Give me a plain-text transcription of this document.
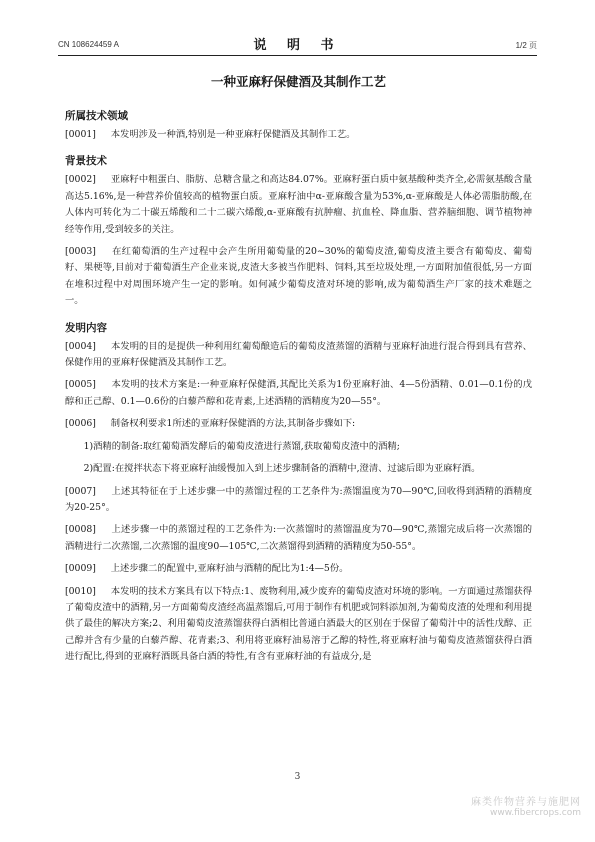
CN 108624459 A	说 明 书	1/2 页
一种亚麻籽保健酒及其制作工艺
所属技术领域

[0001] 本发明涉及一种酒,特别是一种亚麻籽保健酒及其制作工艺。

背景技术

[0002] 亚麻籽中粗蛋白、脂肪、总糖含量之和高达84.07%。亚麻籽蛋白质中氨基酸种类齐全,必需氨基酸含量高达5.16%,是一种营养价值较高的植物蛋白质。亚麻籽油中α-亚麻酸含量为53%,α-亚麻酸是人体必需脂肪酸,在人体内可转化为二十碳五烯酸和二十二碳六烯酸,α-亚麻酸有抗肿瘤、抗血栓、降血脂、营养脑细胞、调节植物神经等作用,受到较多的关注。

[0003] 在红葡萄酒的生产过程中会产生所用葡萄量的20~30%的葡萄皮渣,葡萄皮渣主要含有葡萄皮、葡萄籽、果梗等,目前对于葡萄酒生产企业来说,皮渣大多被当作肥料、饲料,其至垃圾处理,一方面附加值很低,另一方面在堆积过程中对周围环境产生一定的影响。如何减少葡萄皮渣对环境的影响,成为葡萄酒生产厂家的技术难题之一。

发明内容

[0004] 本发明的目的是提供一种利用红葡萄酿造后的葡萄皮渣蒸馏的酒精与亚麻籽油进行混合得到具有营养、保健作用的亚麻籽保健酒及其制作工艺。

[0005] 本发明的技术方案是:一种亚麻籽保健酒,其配比关系为1份亚麻籽油、4—5份酒精、0.01—0.1份的戊醇和正己醇、0.1—0.6份的白藜芦醇和花青素,上述酒精的酒精度为20—55°。

[0006] 制备权利要求1所述的亚麻籽保健酒的方法,其制备步骤如下:

1)酒精的制备:取红葡萄酒发酵后的葡萄皮渣进行蒸馏,获取葡萄皮渣中的酒精;

2)配置:在搅拌状态下将亚麻籽油缓慢加入到上述步骤制备的酒精中,澄清、过滤后即为亚麻籽酒。

[0007] 上述其特征在于上述步骤一中的蒸馏过程的工艺条件为:蒸馏温度为70—90℃,回收得到酒精的酒精度为20-25°。

[0008] 上述步骤一中的蒸馏过程的工艺条件为:一次蒸馏时的蒸馏温度为70—90℃,蒸馏完成后将一次蒸馏的酒精进行二次蒸馏,二次蒸馏的温度90—105℃,二次蒸馏得到酒精的酒精度为50-55°。

[0009] 上述步骤二的配置中,亚麻籽油与酒精的配比为1:4—5份。

[0010] 本发明的技术方案具有以下特点:1、废物利用,减少废弃的葡萄皮渣对环境的影响。一方面通过蒸馏获得了葡萄皮渣中的酒精,另一方面葡萄皮渣经高温蒸馏后,可用于制作有机肥或饲料添加剂,为葡萄皮渣的处理和利用提供了最佳的解决方案;2、利用葡萄皮渣蒸馏获得白酒相比普通白酒最大的区别在于保留了葡萄汁中的活性戊醇、正己醇并含有少量的白藜芦醇、花青素;3、利用将亚麻籽油易溶于乙醇的特性,将亚麻籽油与葡萄皮渣蒸馏获得白酒进行配比,得到的亚麻籽酒既具备白酒的特性,有含有亚麻籽油的有益成分,是

3
麻类作物营养与施肥网
www.fibercrops.com
